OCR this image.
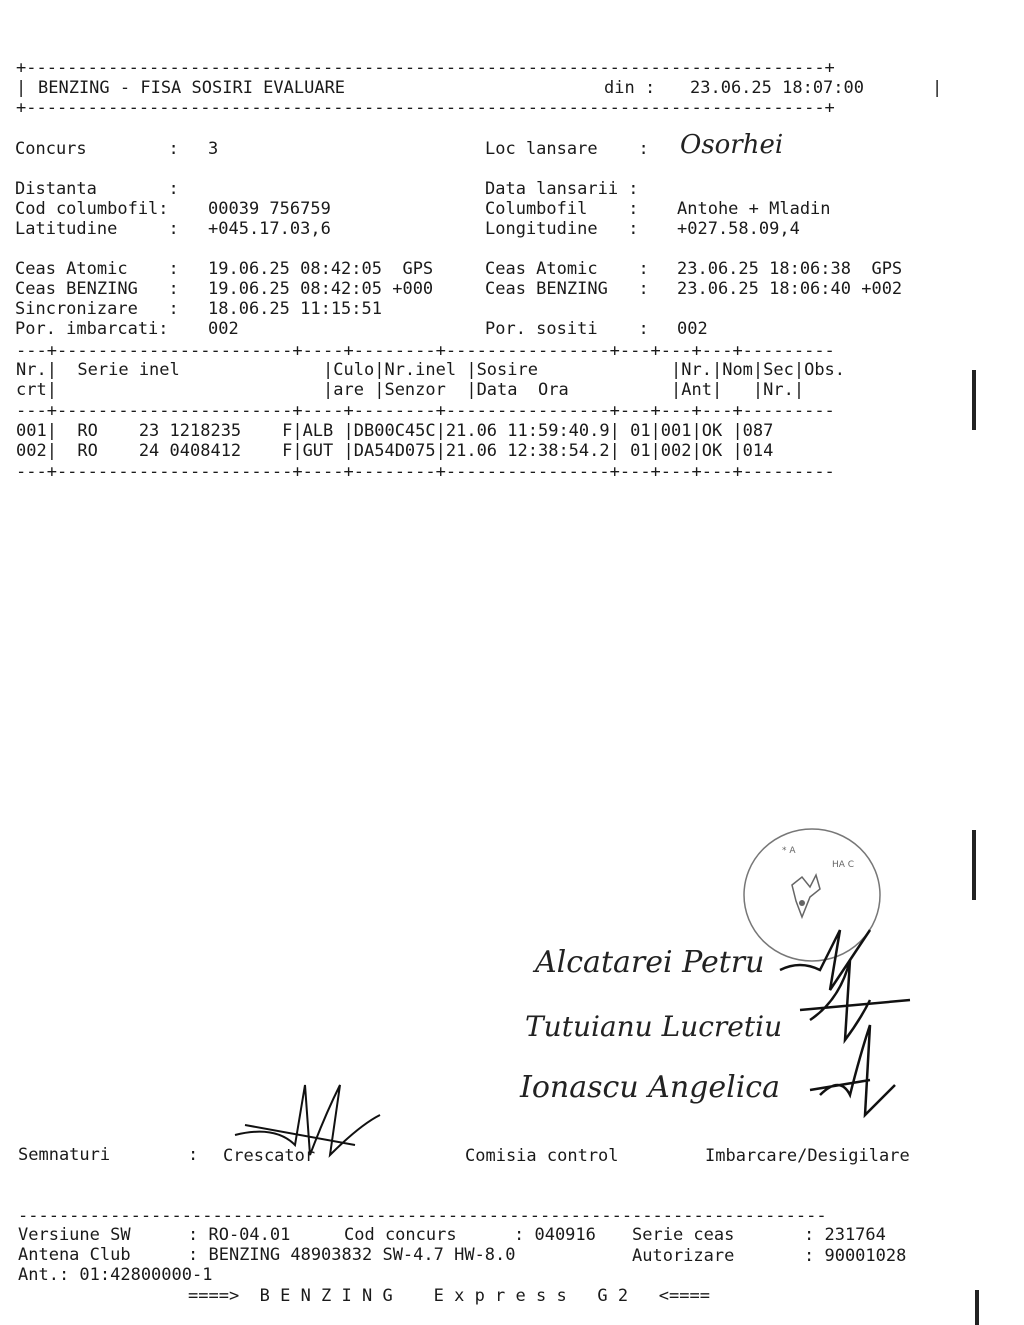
+------------------------------------------------------------------------------+
| BENZING - FISA SOSIRI EVALUARE	din : 23.06.25 18:07:00	|
+------------------------------------------------------------------------------+
Concurs        : 3	Loc lansare    : Osorhei
Distanta       :	Data lansarii :
Cod columbofil: 00039 756759	Columbofil    : Antohe + Mladin
Latitudine     : +045.17.03,6	Longitudine   : +027.58.09,4
Ceas Atomic    : 19.06.25 08:42:05  GPS	Ceas Atomic    : 23.06.25 18:06:38  GPS
Ceas BENZING   : 19.06.25 08:42:05 +000	Ceas BENZING   : 23.06.25 18:06:40 +002
Sincronizare   : 18.06.25 11:15:51
Por. imbarcati: 002	Por. sositi    : 002
---+-----------------------+----+--------+----------------+---+---+---+---------
Nr.|  Serie inel              |Culo|Nr.inel |Sosire             |Nr.|Nom|Sec|Obs.
crt|                          |are |Senzor  |Data  Ora          |Ant|   |Nr.|
---+-----------------------+----+--------+----------------+---+---+---+---------
001|  RO    23 1218235    F|ALB |DB00C45C|21.06 11:59:40.9| 01|001|OK |087
002|  RO    24 0408412    F|GUT |DA54D075|21.06 12:38:54.2| 01|002|OK |014
---+-----------------------+----+--------+----------------+---+---+---+---------
* A
HA C
Alcatarei Petru
Tutuianu Lucretiu
Ionascu Angelica
Semnaturi	: Crescator	Comisia control	Imbarcare/Desigilare
-------------------------------------------------------------------------------
Versiune SW	: RO-04.01	Cod concurs	: 040916 Serie ceas	: 231764
Antena Club	: BENZING 48903832 SW-4.7 HW-8.0	Autorizare	: 90001028
Ant.: 01:42800000-1
====>  B E N Z I N G    E x p r e s s   G 2   <====
